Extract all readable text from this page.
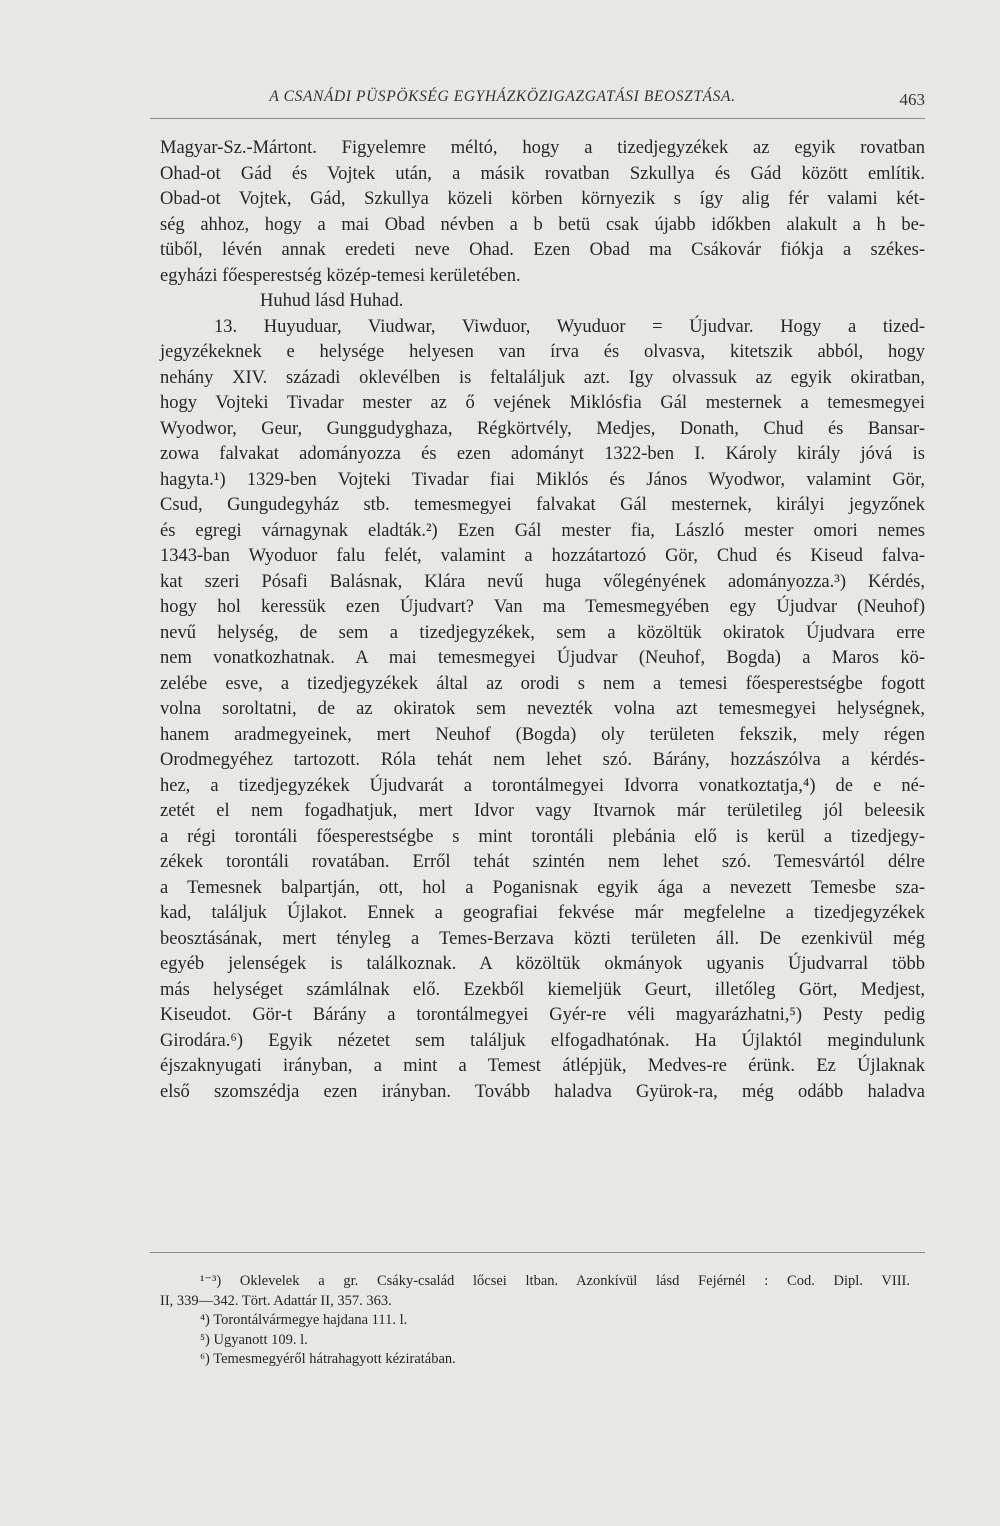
A CSANÁDI PÜSPÖKSÉG EGYHÁZKÖZIGAZGATÁSI BEOSZTÁSA.	463
Magyar-Sz.-Mártont. Figyelemre méltó, hogy a tizedjegyzékek az egyik rovatban
Ohad-ot Gád és Vojtek után, a másik rovatban Szkullya és Gád között említik.
Obad-ot Vojtek, Gád, Szkullya közeli körben környezik s így alig fér valami két-
ség ahhoz, hogy a mai Obad névben a b betü csak újabb időkben alakult a h be-
tüből, lévén annak eredeti neve Ohad. Ezen Obad ma Csákovár fiókja a székes-
egyházi főesperestség közép-temesi kerületében.
Huhud lásd Huhad.
13. Huyuduar, Viudwar, Viwduor, Wyuduor = Újudvar. Hogy a tized-
jegyzékeknek e helysége helyesen van írva és olvasva, kitetszik abból, hogy
nehány XIV. századi oklevélben is feltaláljuk azt. Igy olvassuk az egyik okiratban,
hogy Vojteki Tivadar mester az ő vejének Miklósfia Gál mesternek a temesmegyei
Wyodwor, Geur, Gunggudyghaza, Régkörtvély, Medjes, Donath, Chud és Bansar-
zowa falvakat adományozza és ezen adományt 1322-ben I. Károly király jóvá is
hagyta.¹) 1329-ben Vojteki Tivadar fiai Miklós és János Wyodwor, valamint Gör,
Csud, Gungudegyház stb. temesmegyei falvakat Gál mesternek, királyi jegyzőnek
és egregi várnagynak eladták.²) Ezen Gál mester fia, László mester omori nemes
1343-ban Wyoduor falu felét, valamint a hozzátartozó Gör, Chud és Kiseud falva-
kat szeri Pósafi Balásnak, Klára nevű huga vőlegényének adományozza.³) Kérdés,
hogy hol keressük ezen Újudvart? Van ma Temesmegyében egy Újudvar (Neuhof)
nevű helység, de sem a tizedjegyzékek, sem a közöltük okiratok Újudvara erre
nem vonatkozhatnak. A mai temesmegyei Újudvar (Neuhof, Bogda) a Maros kö-
zelébe esve, a tizedjegyzékek által az orodi s nem a temesi főesperestségbe fogott
volna soroltatni, de az okiratok sem nevezték volna azt temesmegyei helységnek,
hanem aradmegyeinek, mert Neuhof (Bogda) oly területen fekszik, mely régen
Orodmegyéhez tartozott. Róla tehát nem lehet szó. Bárány, hozzászólva a kérdés-
hez, a tizedjegyzékek Újudvarát a torontálmegyei Idvorra vonatkoztatja,⁴) de e né-
zetét el nem fogadhatjuk, mert Idvor vagy Itvarnok már területileg jól beleesik
a régi torontáli főesperestségbe s mint torontáli plebánia elő is kerül a tizedjegy-
zékek torontáli rovatában. Erről tehát szintén nem lehet szó. Temesvártól délre
a Temesnek balpartján, ott, hol a Poganisnak egyik ága a nevezett Temesbe sza-
kad, találjuk Újlakot. Ennek a geografiai fekvése már megfelelne a tizedjegyzékek
beosztásának, mert tényleg a Temes-Berzava közti területen áll. De ezenkivül még
egyéb jelenségek is találkoznak. A közöltük okmányok ugyanis Újudvarral több
más helységet számlálnak elő. Ezekből kiemeljük Geurt, illetőleg Gört, Medjest,
Kiseudot. Gör-t Bárány a torontálmegyei Gyér-re véli magyarázhatni,⁵) Pesty pedig
Girodára.⁶) Egyik nézetet sem találjuk elfogadhatónak. Ha Újlaktól megindulunk
éjszaknyugati irányban, a mint a Temest átlépjük, Medves-re érünk. Ez Újlaknak
első szomszédja ezen irányban. Tovább haladva Gyürok-ra, még odább haladva
¹⁻³) Oklevelek a gr. Csáky-család lőcsei ltban. Azonkívül lásd Fejérnél : Cod. Dipl. VIII.
II, 339—342. Tört. Adattár II, 357. 363.
⁴) Torontálvármegye hajdana 111. l.
⁵) Ugyanott 109. l.
⁶) Temesmegyéről hátrahagyott kéziratában.
